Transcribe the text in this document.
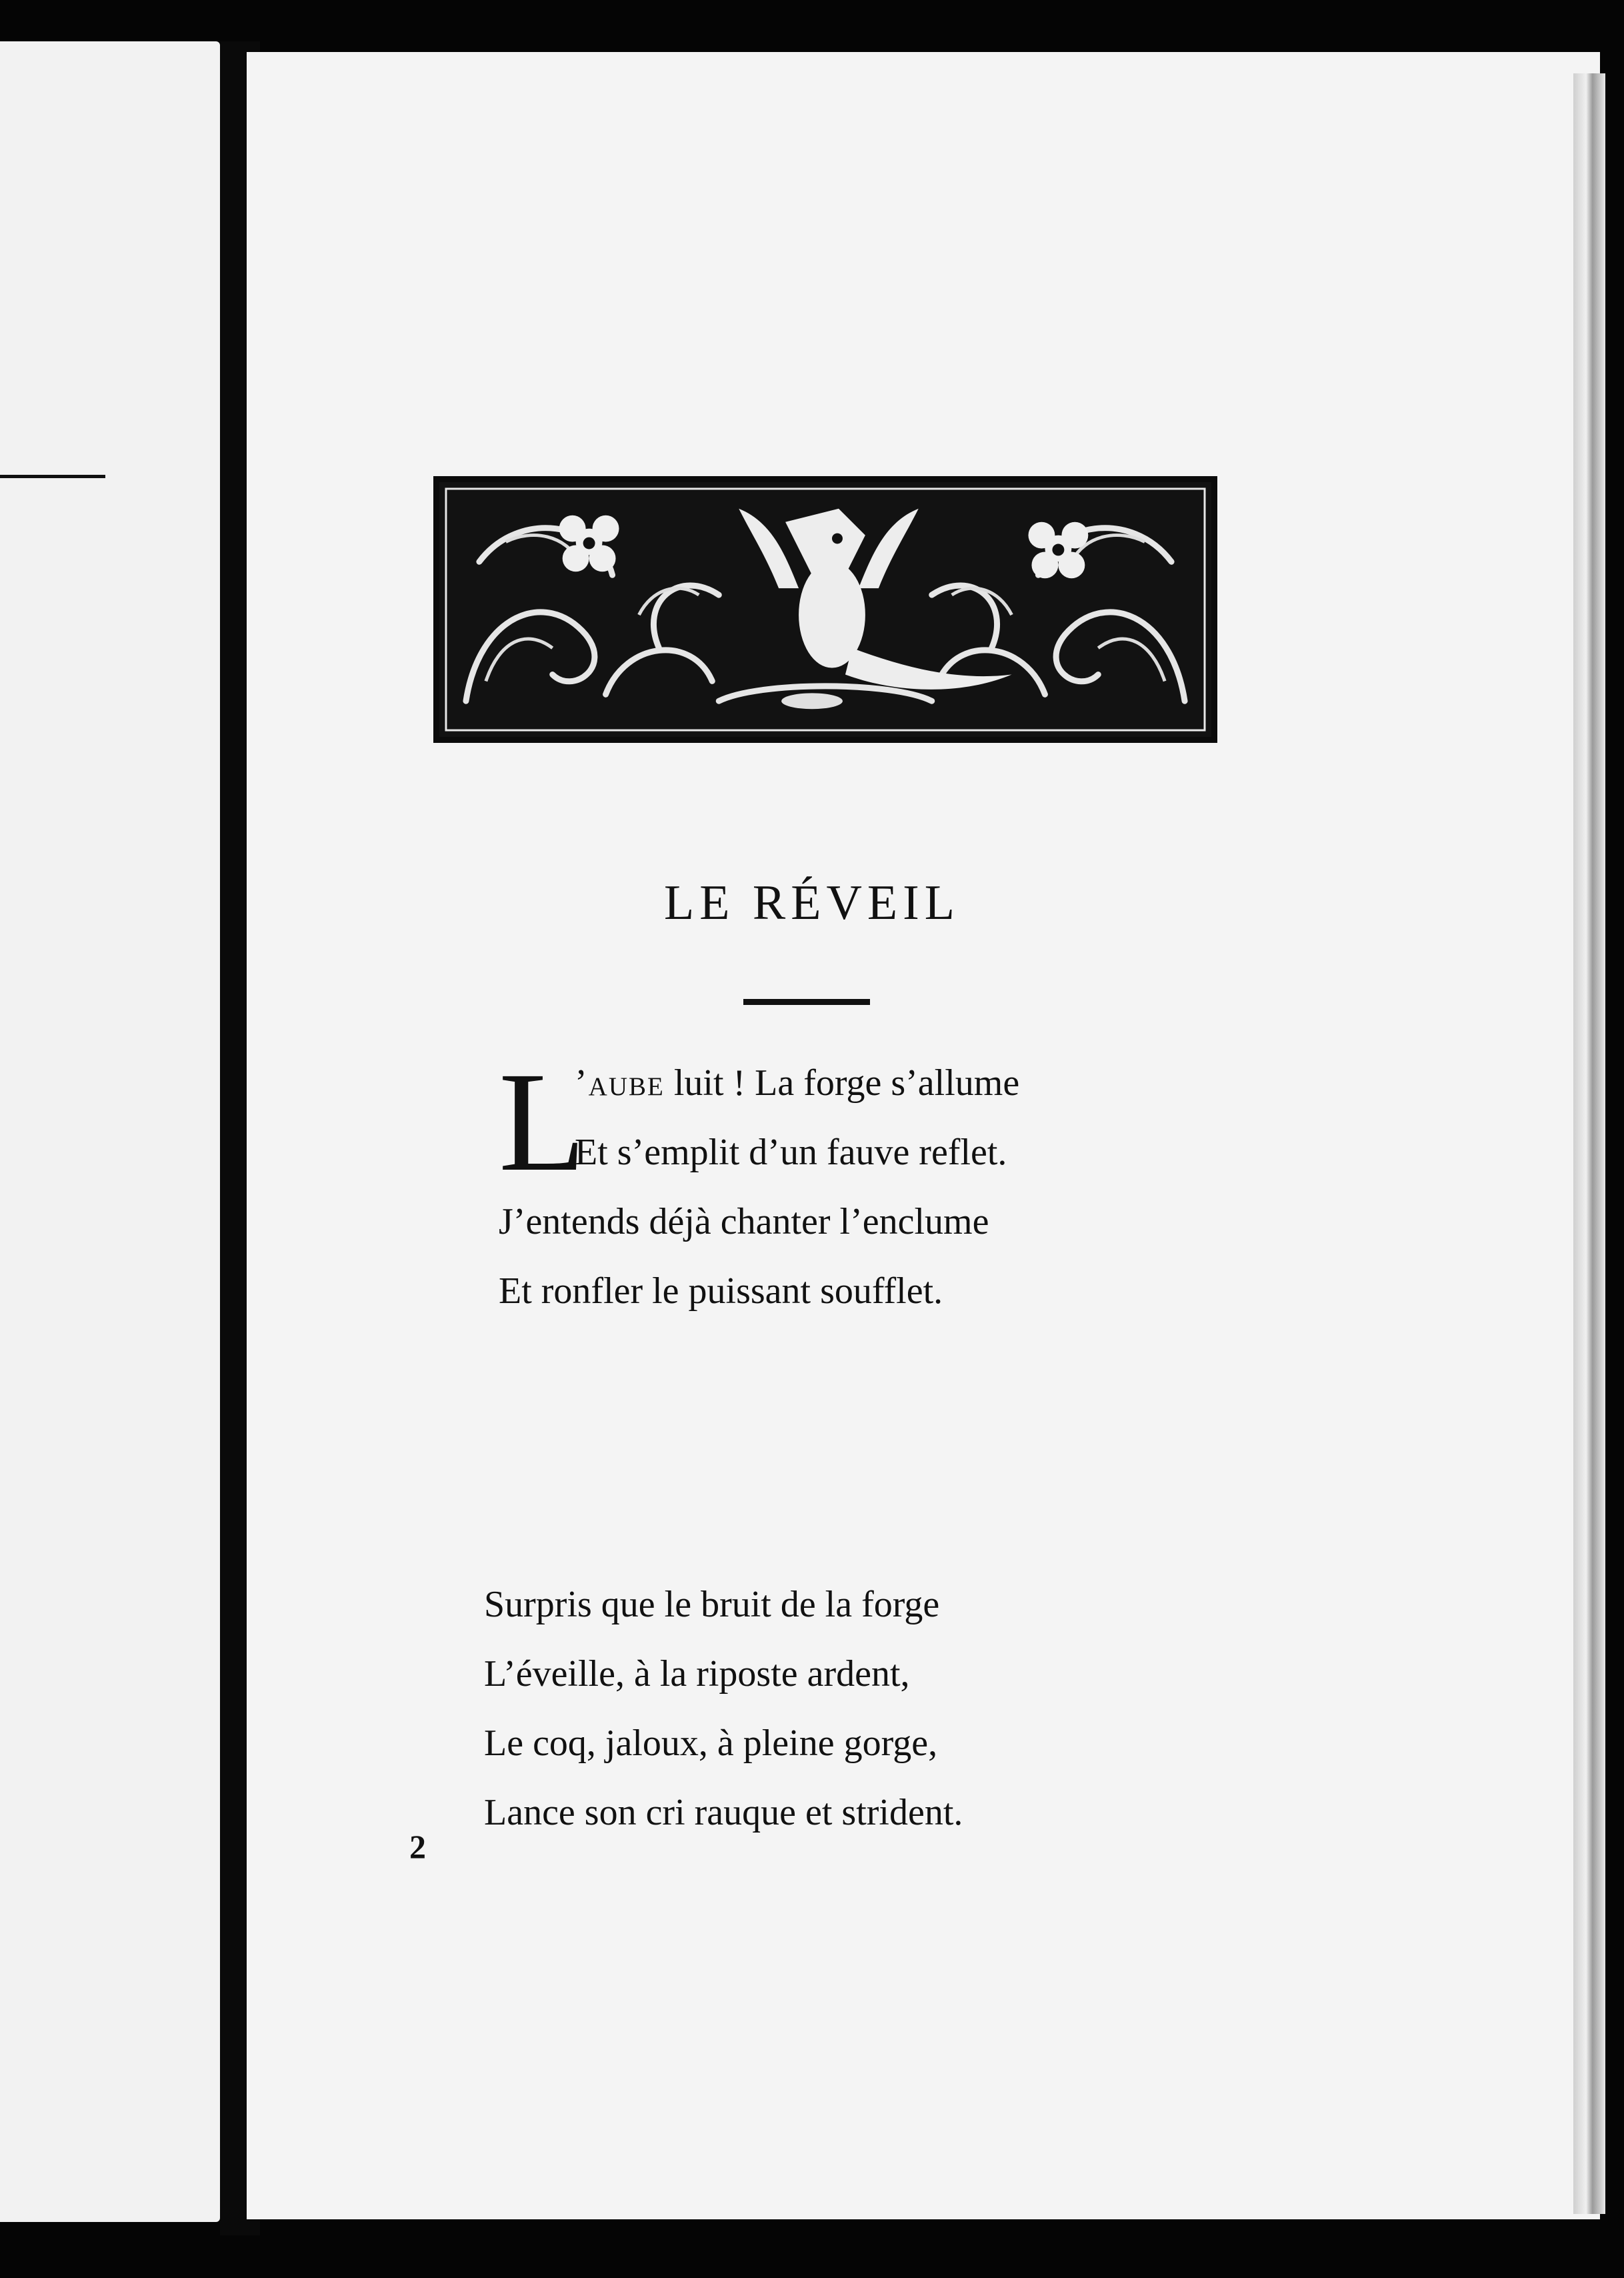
LE RÉVEIL
L
’aube luit ! La forge s’allume
Et s’emplit d’un fauve reflet.
J’entends déjà chanter l’enclume
Et ronfler le puissant soufflet.
Surpris que le bruit de la forge
L’éveille, à la riposte ardent,
Le coq, jaloux, à pleine gorge,
Lance son cri rauque et strident.
2
